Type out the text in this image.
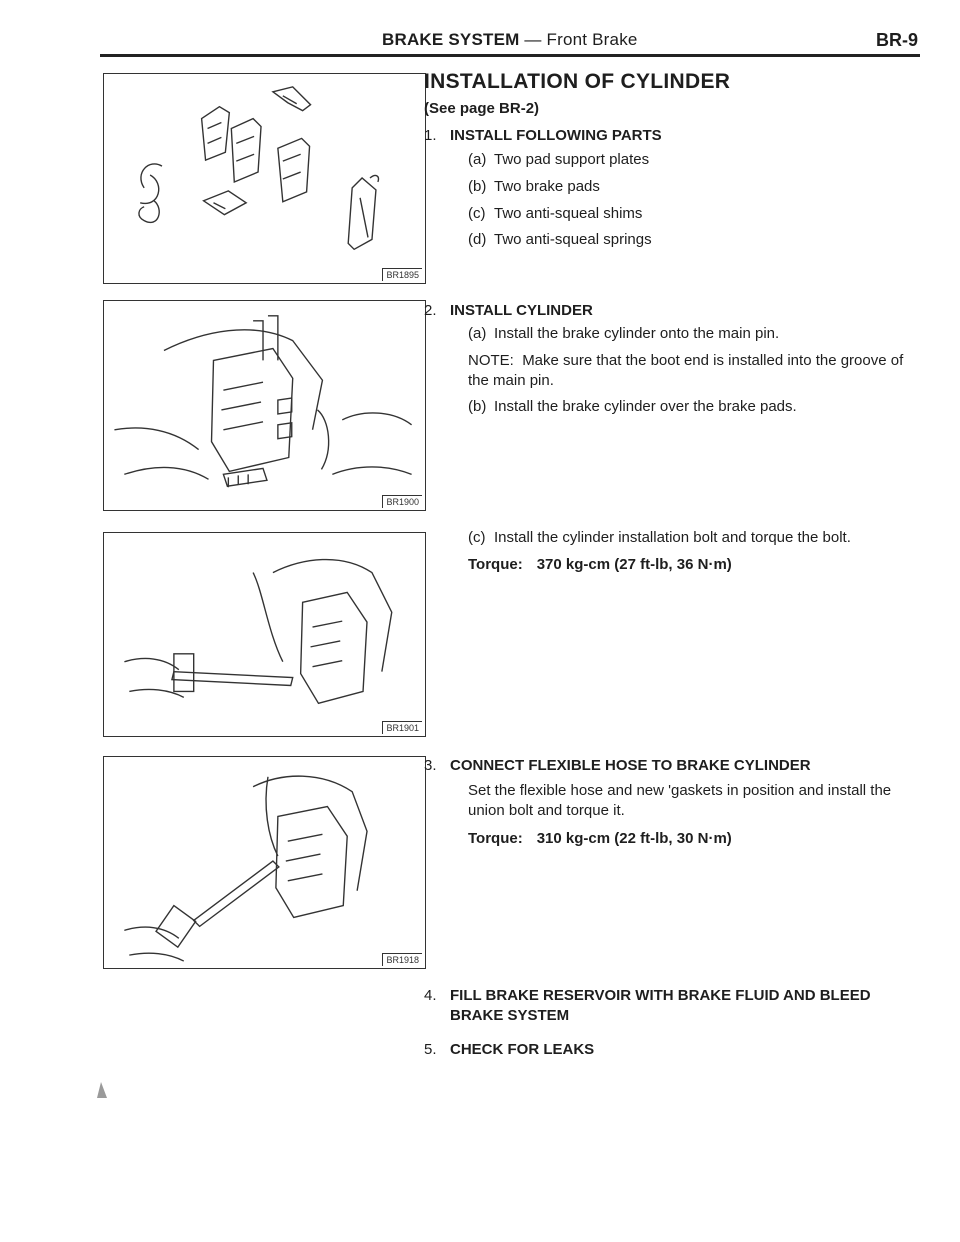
BRAKE SYSTEM — Front Brake	BR-9
BR1895
BR1900
BR1901
BR1918
INSTALLATION OF CYLINDER
(See page BR-2)
1. INSTALL FOLLOWING PARTS
(a) Two pad support plates
(b) Two brake pads
(c) Two anti-squeal shims
(d) Two anti-squeal springs
2. INSTALL CYLINDER
(a) Install the brake cylinder onto the main pin.
NOTE: Make sure that the boot end is installed into the groove of the main pin.
(b) Install the brake cylinder over the brake pads.
(c) Install the cylinder installation bolt and torque the bolt.
Torque: 370 kg-cm (27 ft-lb, 36 N·m)
3. CONNECT FLEXIBLE HOSE TO BRAKE CYLINDER
Set the flexible hose and new 'gaskets in position and install the union bolt and torque it.
Torque: 310 kg-cm (22 ft-lb, 30 N·m)
4. FILL BRAKE RESERVOIR WITH BRAKE FLUID AND BLEED BRAKE SYSTEM
5. CHECK FOR LEAKS
